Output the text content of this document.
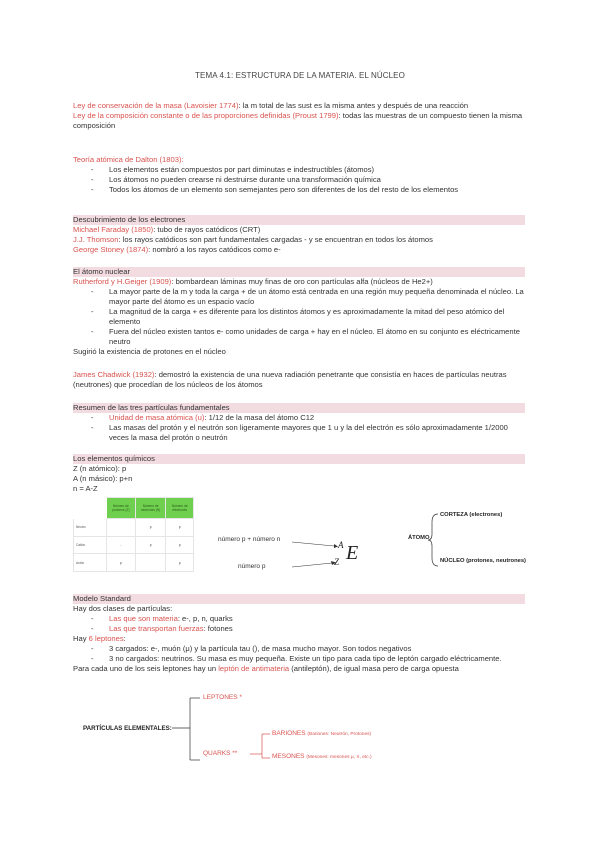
TEMA 4.1: ESTRUCTURA DE LA MATERIA. EL NÚCLEO

Ley de conservación de la masa (Lavoisier 1774): la m total de las sust es la misma antes y después de una reacción

Ley de la composición constante o de las proporciones definidas (Proust 1799): todas las muestras de un compuesto tienen la misma composición

Teoría atómica de Dalton (1803):

- Los elementos están compuestos por part diminutas e indestructibles (átomos)
- Los átomos no pueden crearse ni destruirse durante una transformación química
- Todos los átomos de un elemento son semejantes pero son diferentes de los del resto de los elementos
Descubrimiento de los electrones

Michael Faraday (1850): tubo de rayos catódicos (CRT)

J.J. Thomson: los rayos catódicos son part fundamentales cargadas - y se encuentran en todos los átomos

George Stoney (1874): nombró a los rayos catódicos como e-

El átomo nuclear

Rutherford y H.Geiger (1909): bombardean láminas muy finas de oro con partículas alfa (núcleos de He2+)

- La mayor parte de la m y toda la carga + de un átomo está centrada en una región muy pequeña denominada el núcleo. La mayor parte del átomo es un espacio vacío
- La magnitud de la carga + es diferente para los distintos átomos y es aproximadamente la mitad del peso atómico del elemento
- Fuera del núcleo existen tantos e- como unidades de carga + hay en el núcleo. El átomo en su conjunto es eléctricamente neutro

Sugirió la existencia de protones en el núcleo

James Chadwick (1932): demostró la existencia de una nueva radiación penetrante que consistía en haces de partículas neutras (neutrones) que procedían de los núcleos de los átomos

Resumen de las tres partículas fundamentales
- Unidad de masa atómica (u): 1/12 de la masa del átomo C12
- Las masas del protón y el neutrón son ligeramente mayores que 1 u y la del electrón es sólo aproximadamente 1/2000 veces la masa del protón o neutrón
Los elementos químicos

Z (n atómico): p

A (n másico): p+n

n = A-Z

	Número de protones (Z)	Número de neutrones (N)	Número de electrones
Neutro		p	p
Catión	-	p	p
Anión	p		p
número p + número n
número p
A
Z E
ÁTOMO
CORTEZA (electrones)
NÚCLEO (protones, neutrones)
Modelo Standard

Hay dos clases de partículas:

- Las que son materia: e-, p, n, quarks
- Las que transportan fuerzas: fotones

Hay 6 leptones:

- 3 cargados: e-, muón (μ) y la partícula tau (), de masa mucho mayor. Son todos negativos
- 3 no cargados: neutrinos. Su masa es muy pequeña. Existe un tipo para cada tipo de leptón cargado eléctricamente.

Para cada uno de los seis leptones hay un leptón de antimateria (antileptón), de igual masa pero de carga opuesta

PARTÍCULAS ELEMENTALES:
LEPTONES *
QUARKS **
BARIONES (Bariones: Neutrón, Protones)
MESONES (Mesones: mesones μ, π, etc.)
